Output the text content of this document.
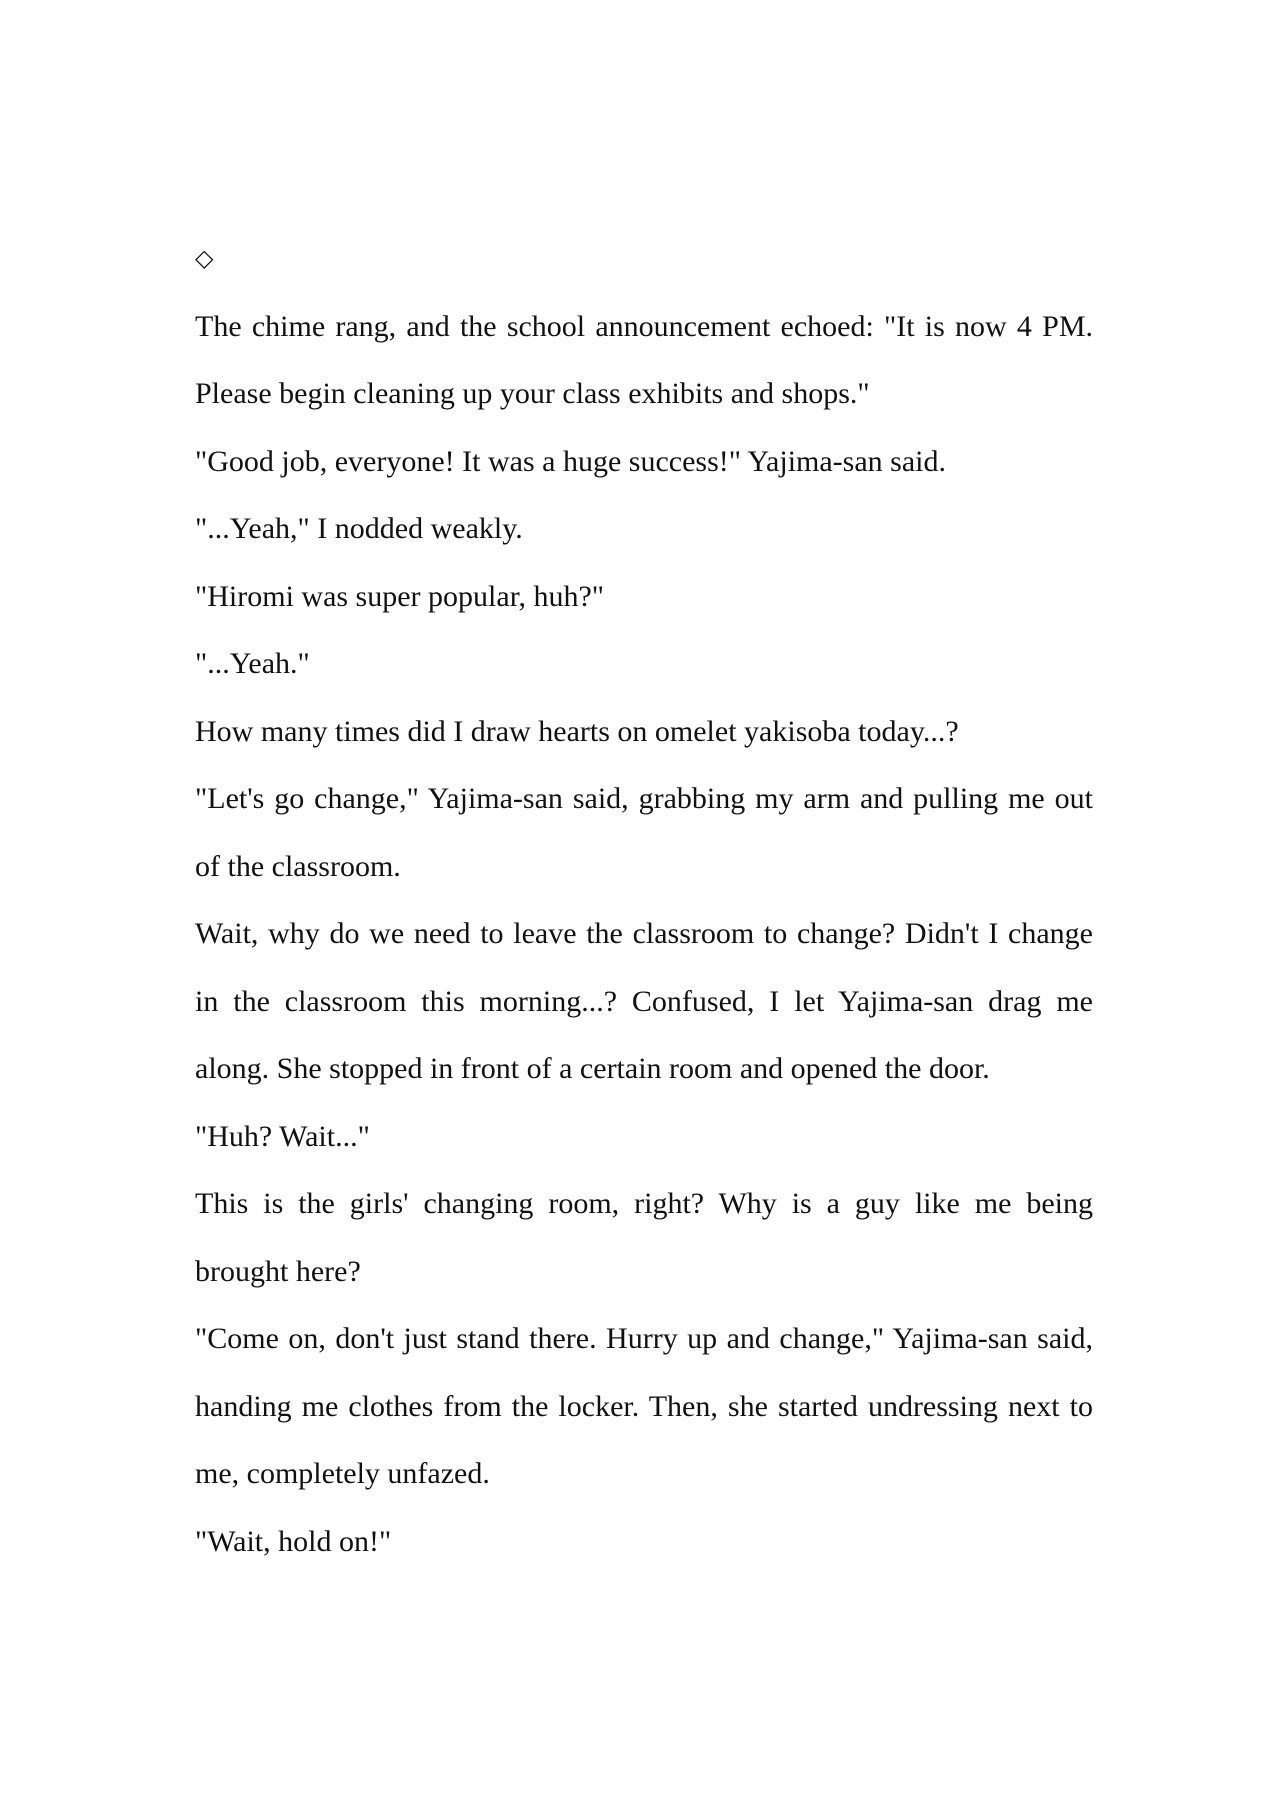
◇

The chime rang, and the school announcement echoed: "It is now 4 PM. Please begin cleaning up your class exhibits and shops."

"Good job, everyone! It was a huge success!" Yajima-san said.

"...Yeah," I nodded weakly.

"Hiromi was super popular, huh?"

"...Yeah."

How many times did I draw hearts on omelet yakisoba today...?

"Let's go change," Yajima-san said, grabbing my arm and pulling me out of the classroom.

Wait, why do we need to leave the classroom to change? Didn't I change in the classroom this morning...? Confused, I let Yajima-san drag me along. She stopped in front of a certain room and opened the door.

"Huh? Wait..."

This is the girls' changing room, right? Why is a guy like me being brought here?

"Come on, don't just stand there. Hurry up and change," Yajima-san said, handing me clothes from the locker. Then, she started undressing next to me, completely unfazed.

"Wait, hold on!"
